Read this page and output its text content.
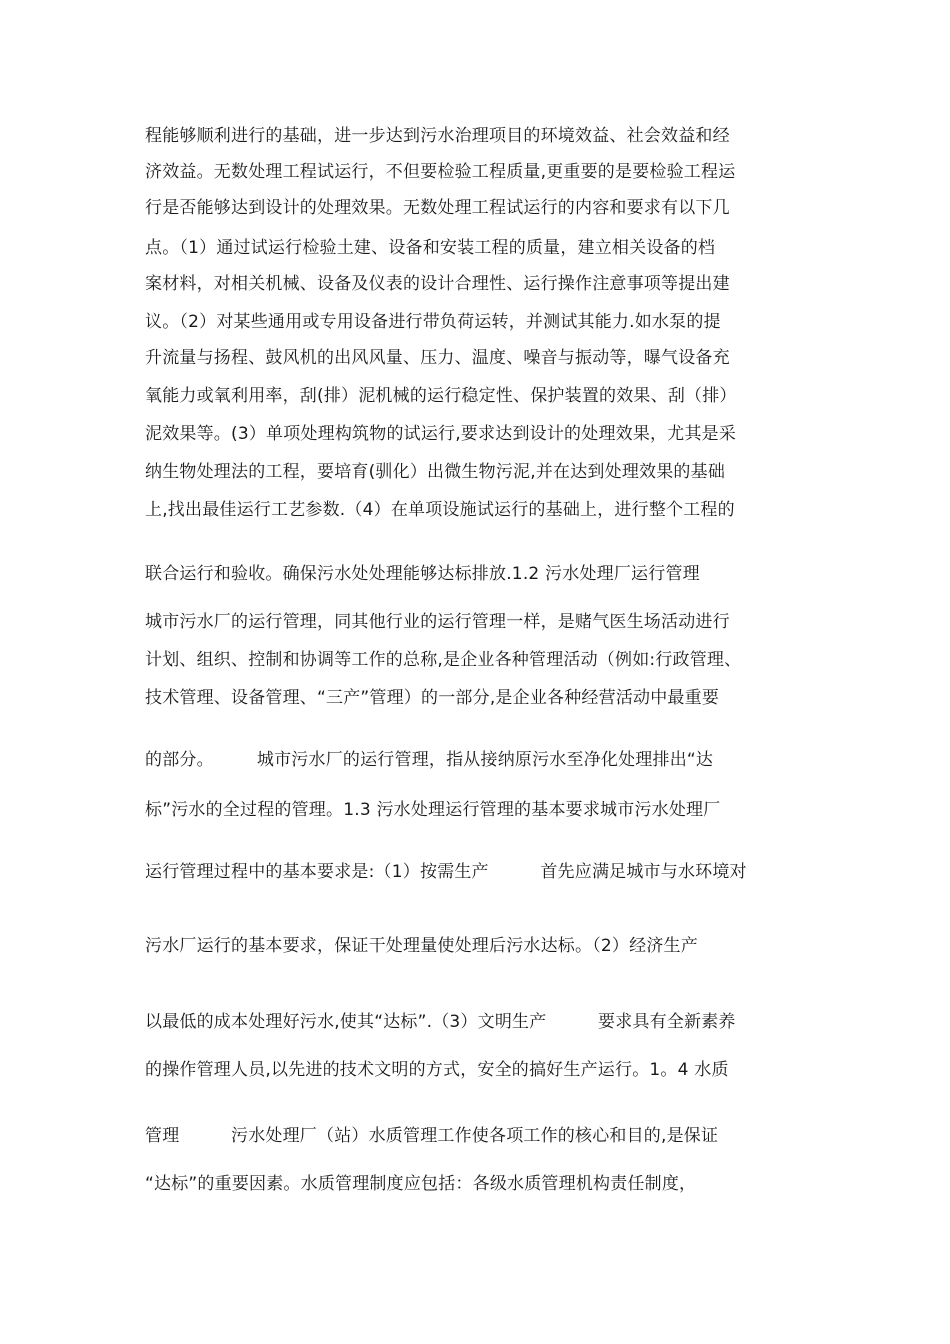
程能够顺利进行的基础，进一步达到污水治理项目的环境效益、社会效益和经
济效益。无数处理工程试运行，不但要检验工程质量,更重要的是要检验工程运
行是否能够达到设计的处理效果。无数处理工程试运行的内容和要求有以下几
点。（1）通过试运行检验土建、设备和安装工程的质量，建立相关设备的档
案材料，对相关机械、设备及仪表的设计合理性、运行操作注意事项等提出建
议。（2）对某些通用或专用设备进行带负荷运转，并测试其能力.如水泵的提
升流量与扬程、鼓风机的出风风量、压力、温度、噪音与振动等，曝气设备充
氧能力或氧利用率，刮(排）泥机械的运行稳定性、保护装置的效果、刮（排）
泥效果等。(3）单项处理构筑物的试运行,要求达到设计的处理效果，尤其是采
纳生物处理法的工程，要培育(驯化）出微生物污泥,并在达到处理效果的基础
上,找出最佳运行工艺参数.（4）在单项设施试运行的基础上，进行整个工程的
联合运行和验收。确保污水处处理能够达标排放.1.2 污水处理厂运行管理
城市污水厂的运行管理，同其他行业的运行管理一样，是赌气医生场活动进行
计划、组织、控制和协调等工作的总称,是企业各种管理活动（例如:行政管理、
技术管理、设备管理、“三产”管理）的一部分,是企业各种经营活动中最重要
的部分。　　　城市污水厂的运行管理，指从接纳原污水至净化处理排出“达
标”污水的全过程的管理。1.3 污水处理运行管理的基本要求城市污水处理厂
运行管理过程中的基本要求是:（1）按需生产　　　首先应满足城市与水环境对
污水厂运行的基本要求，保证干处理量使处理后污水达标。（2）经济生产
以最低的成本处理好污水,使其“达标”.（3）文明生产　　　要求具有全新素养
的操作管理人员,以先进的技术文明的方式，安全的搞好生产运行。1。4 水质
管理　　　污水处理厂（站）水质管理工作使各项工作的核心和目的,是保证
“达标”的重要因素。水质管理制度应包括：各级水质管理机构责任制度，
